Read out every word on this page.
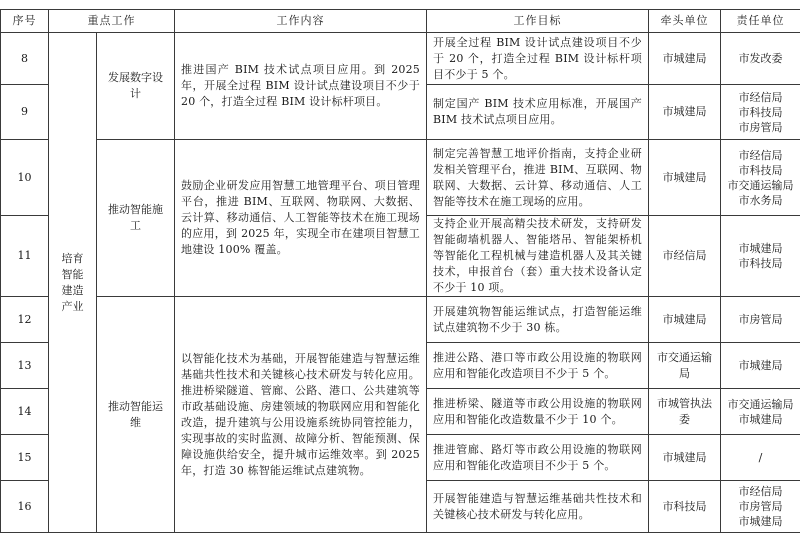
序号	重点工作		工作内容	工作目标	牵头单位	责任单位
8	培育智能建造产业	发展数字设计	推进国产 BIM 技术试点项目应用。到 2025 年，开展全过程 BIM 设计试点建设项目不少于 20 个，打造全过程 BIM 设计标杆项目。	开展全过程 BIM 设计试点建设项目不少于 20 个，打造全过程 BIM 设计标杆项目不少于 5 个。	市城建局	市发改委

9				制定国产 BIM 技术应用标准，开展国产 BIM 技术试点项目应用。	市城建局	市经信局
市科技局
市房管局

10		推动智能施工	鼓励企业研发应用智慧工地管理平台、项目管理平台，推进 BIM、互联网、物联网、大数据、云计算、移动通信、人工智能等技术在施工现场的应用，到 2025 年，实现全市在建项目智慧工地建设 100% 覆盖。	制定完善智慧工地评价指南，支持企业研发相关管理平台，推进 BIM、互联网、物联网、大数据、云计算、移动通信、人工智能等技术在施工现场的应用。	市城建局	市经信局
市科技局
市交通运输局
市水务局

11				支持企业开展高精尖技术研发，支持研发智能砌墙机器人、智能塔吊、智能架桥机等智能化工程机械与建造机器人及其关键技术，申报首台（套）重大技术设备认定不少于 10 项。	市经信局	市城建局
市科技局

12		推动智能运维	以智能化技术为基础，开展智能建造与智慧运维基础共性技术和关键核心技术研发与转化应用。推进桥梁隧道、管廊、公路、港口、公共建筑等市政基础设施、房建领域的物联网应用和智能化改造，提升建筑与公用设施系统协同管控能力，实现事故的实时监测、故障分析、智能预测、保障设施供给安全，提升城市运维效率。到 2025 年，打造 30 栋智能运维试点建筑物。	开展建筑物智能运维试点，打造智能运维试点建筑物不少于 30 栋。	市城建局	市房管局

13				推进公路、港口等市政公用设施的物联网应用和智能化改造项目不少于 5 个。	市交通运输局	市城建局

14				推进桥梁、隧道等市政公用设施的物联网应用和智能化改造数量不少于 10 个。	市城管执法委	市交通运输局
市城建局

15				推进管廊、路灯等市政公用设施的物联网应用和智能化改造项目不少于 5 个。	市城建局	/

16				开展智能建造与智慧运维基础共性技术和关键核心技术研发与转化应用。	市科技局	市经信局
市房管局
市城建局
